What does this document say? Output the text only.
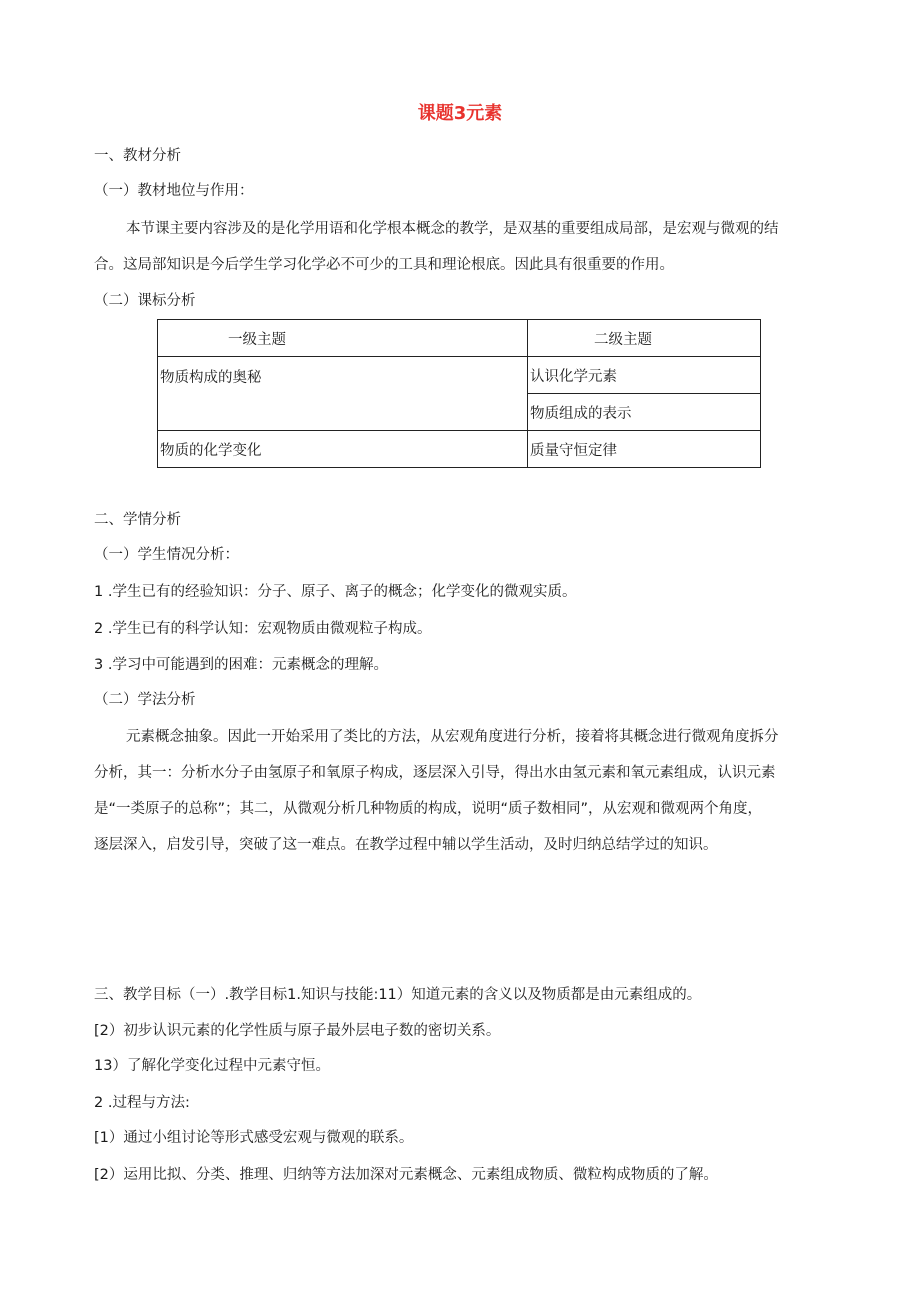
课题3元素
一、教材分析
（一）教材地位与作用：
本节课主要内容涉及的是化学用语和化学根本概念的教学，是双基的重要组成局部，是宏观与微观的结
合。这局部知识是今后学生学习化学必不可少的工具和理论根底。因此具有很重要的作用。
（二）课标分析
一级主题	二级主题
物质构成的奥秘	认识化学元素
	物质组成的表示
物质的化学变化	质量守恒定律
二、学情分析
（一）学生情况分析：
1 .学生已有的经验知识：分子、原子、离子的概念；化学变化的微观实质。
2 .学生已有的科学认知：宏观物质由微观粒子构成。
3 .学习中可能遇到的困难：元素概念的理解。
（二）学法分析
元素概念抽象。因此一开始采用了类比的方法，从宏观角度进行分析，接着将其概念进行微观角度拆分
分析，其一：分析水分子由氢原子和氧原子构成，逐层深入引导，得出水由氢元素和氧元素组成，认识元素
是“一类原子的总称”；其二，从微观分析几种物质的构成，说明“质子数相同”，从宏观和微观两个角度，
逐层深入，启发引导，突破了这一难点。在教学过程中辅以学生活动，及时归纳总结学过的知识。
三、教学目标（一）.教学目标1.知识与技能:11）知道元素的含义以及物质都是由元素组成的。
[2）初步认识元素的化学性质与原子最外层电子数的密切关系。
13）了解化学变化过程中元素守恒。
2 .过程与方法:
[1）通过小组讨论等形式感受宏观与微观的联系。
[2）运用比拟、分类、推理、归纳等方法加深对元素概念、元素组成物质、微粒构成物质的了解。
